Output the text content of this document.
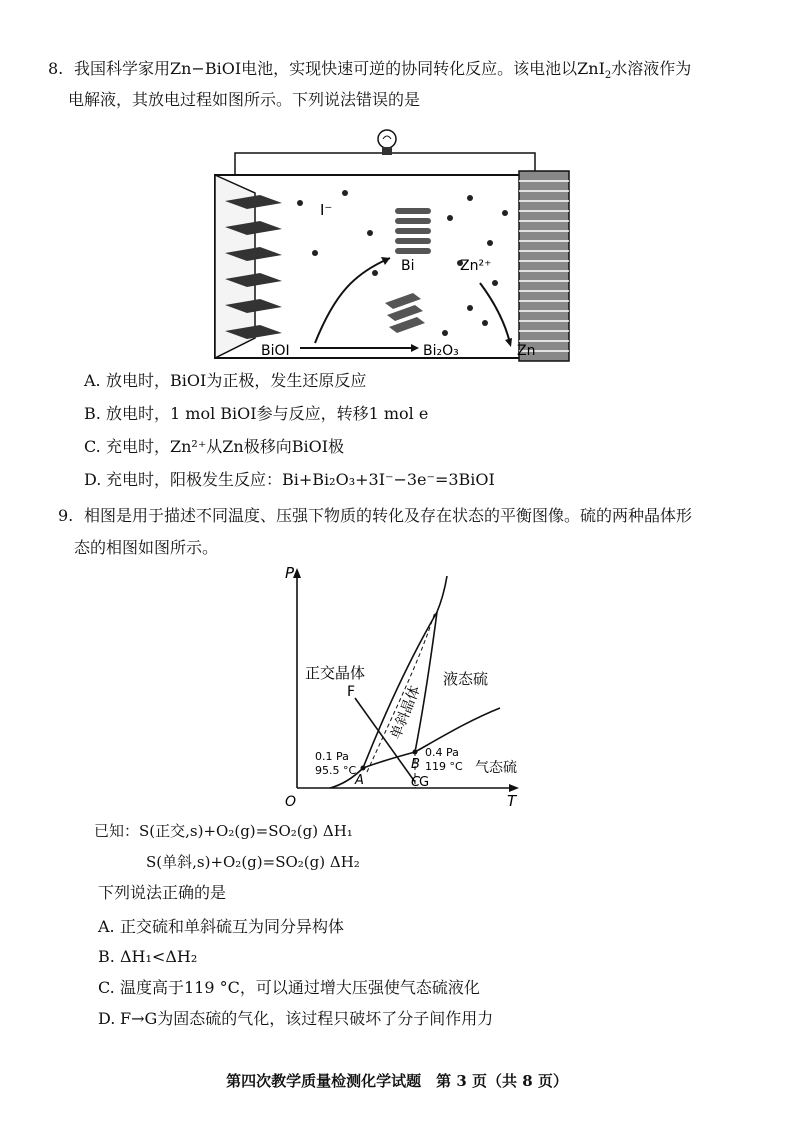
8. 我国科学家用Zn−BiOI电池，实现快速可逆的协同转化反应。该电池以ZnI$_2$水溶液作为
电解液，其放电过程如图所示。下列说法错误的是
I⁻
Bi	Zn²⁺
BiOI	Bi₂O₃	Zn
A. 放电时，BiOI为正极，发生还原反应
B. 放电时，1 mol BiOI参与反应，转移1 mol e
C. 充电时，Zn²⁺从Zn极移向BiOI极
D. 充电时，阳极发生反应：Bi+Bi₂O₃+3I⁻−3e⁻=3BiOI
9. 相图是用于描述不同温度、压强下物质的转化及存在状态的平衡图像。硫的两种晶体形
态的相图如图所示。
P
T
O
正交晶体	液态硫
单斜晶体
气态硫
F
G
A
B
C
0.1 Pa
95.5 °C
0.4 Pa
119 °C
已知：S(正交,s)+O₂(g)=SO₂(g) ΔH₁
S(单斜,s)+O₂(g)=SO₂(g) ΔH₂
下列说法正确的是
A. 正交硫和单斜硫互为同分异构体
B. ΔH₁<ΔH₂
C. 温度高于119 °C，可以通过增大压强使气态硫液化
D. F→G为固态硫的气化，该过程只破坏了分子间作用力
第四次教学质量检测化学试题　第 3 页（共 8 页）
